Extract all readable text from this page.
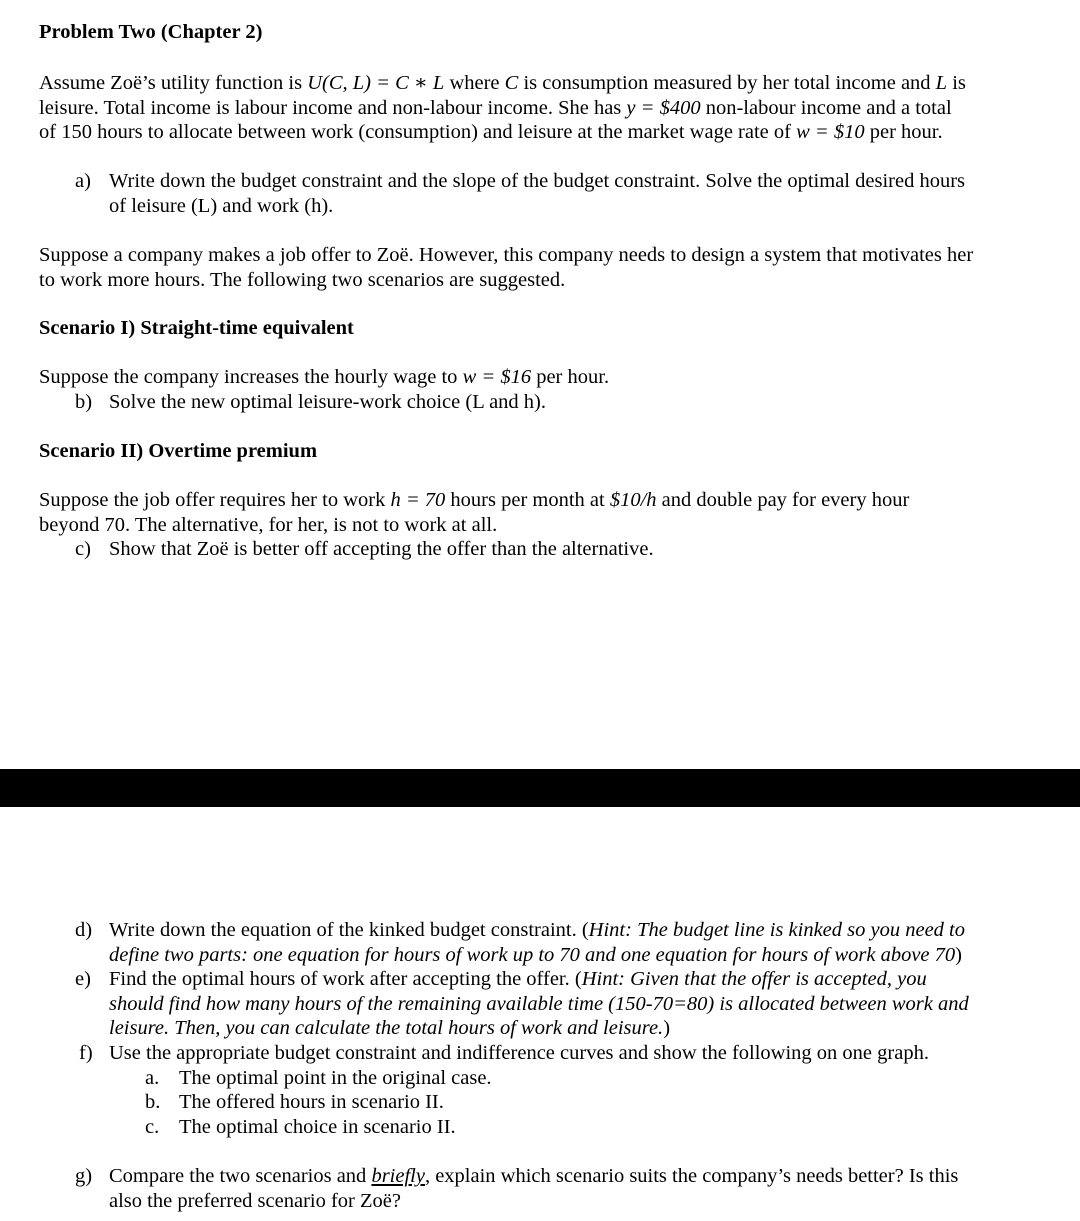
Problem Two (Chapter 2)
Assume Zoë’s utility function is U(C, L) = C ∗ L where C is consumption measured by her total income and L is
leisure. Total income is labour income and non-labour income. She has y = $400 non-labour income and a total
of 150 hours to allocate between work (consumption) and leisure at the market wage rate of w = $10 per hour.
a) Write down the budget constraint and the slope of the budget constraint. Solve the optimal desired hours
of leisure (L) and work (h).
Suppose a company makes a job offer to Zoë. However, this company needs to design a system that motivates her
to work more hours. The following two scenarios are suggested.
Scenario I) Straight-time equivalent
Suppose the company increases the hourly wage to w = $16 per hour.
b) Solve the new optimal leisure-work choice (L and h).
Scenario II) Overtime premium
Suppose the job offer requires her to work h = 70 hours per month at $10/h and double pay for every hour
beyond 70. The alternative, for her, is not to work at all.
c) Show that Zoë is better off accepting the offer than the alternative.
d) Write down the equation of the kinked budget constraint. (Hint: The budget line is kinked so you need to
define two parts: one equation for hours of work up to 70 and one equation for hours of work above 70)
e) Find the optimal hours of work after accepting the offer. (Hint: Given that the offer is accepted, you
should find how many hours of the remaining available time (150-70=80) is allocated between work and
leisure. Then, you can calculate the total hours of work and leisure.)
f) Use the appropriate budget constraint and indifference curves and show the following on one graph.
a. The optimal point in the original case.
b. The offered hours in scenario II.
c. The optimal choice in scenario II.
g) Compare the two scenarios and briefly, explain which scenario suits the company’s needs better? Is this
also the preferred scenario for Zoë?
